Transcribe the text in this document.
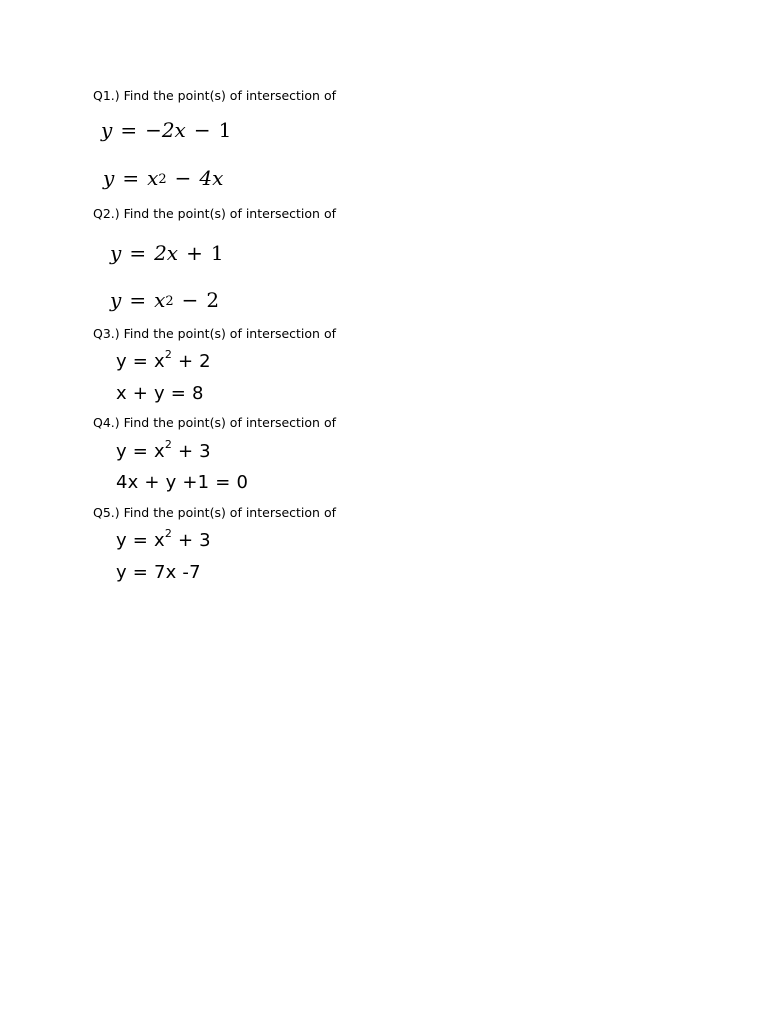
Q1.) Find the point(s) of intersection of
y = −2x − 1
$y = x^2 - 4x$
Q2.) Find the point(s) of intersection of
y = 2x + 1
$y = x^2 - 2$
Q3.) Find the point(s) of intersection of
$y = x^2 + 2$
x + y = 8
Q4.) Find the point(s) of intersection of
$y = x^2 + 3$
4x + y +1 = 0
Q5.) Find the point(s) of intersection of
$y = x^2 + 3$
y = 7x -7
